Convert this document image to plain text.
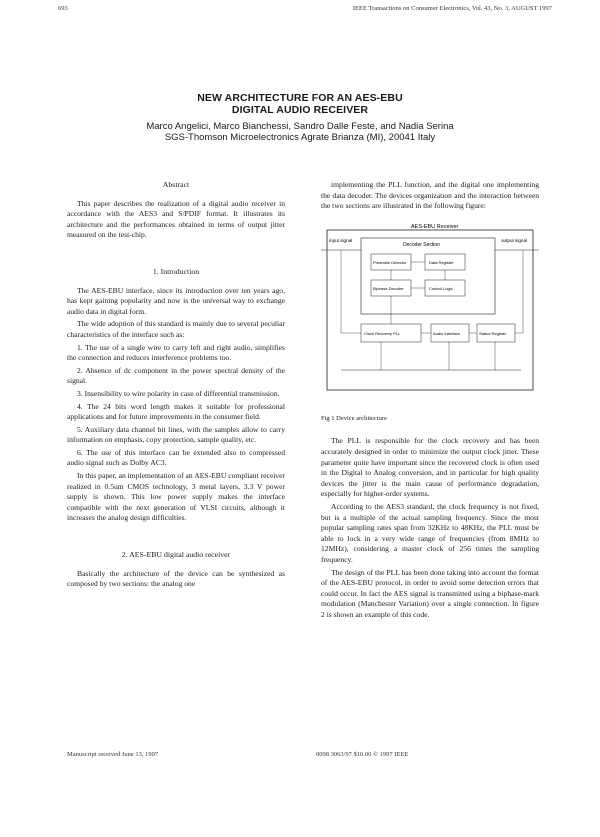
693	IEEE Transactions on Consumer Electronics, Vol. 43, No. 3, AUGUST 1997
NEW ARCHITECTURE FOR AN AES-EBU
DIGITAL AUDIO RECEIVER
Marco Angelici, Marco Bianchessi, Sandro Dalle Feste, and Nadia Serina
SGS-Thomson Microelectronics Agrate Brianza (MI), 20041 Italy
Abstract

This paper describes the realization of a digital audio receiver in accordance with the AES3 and S/PDIF format. It illustrates its architecture and the performances obtained in terms of output jitter measured on the test-chip.

1. Introduction

The AES-EBU interface, since its introduction over ten years ago, has kept gaining popularity and now is the universal way to exchange audio data in digital form.

The wide adoption of this standard is mainly due to several peculiar characteristics of the interface such as:

1. The use of a single wire to carry left and right audio, simplifies the connection and reduces interference problems too.

2. Absence of dc component in the power spectral density of the signal.

3. Insensibility to wire polarity in case of differential transmission.

4. The 24 bits word length makes it suitable for professional applications and for future improvements in the consumer field.

5. Auxiliary data channel bit lines, with the samples allow to carry information on emphasis, copy protection, sample quality, etc.

6. The use of this interface can be extended also to compressed audio signal such as Dolby AC3.

In this paper, an implementation of an AES-EBU compliant receiver realized in 0.5um CMOS technology, 3 metal layers, 3.3 V power supply is shown. This low power supply makes the interface compatible with the next generation of VLSI circuits, although it increases the analog design difficulties.

2. AES-EBU digital audio receiver

Basically the architecture of the device can be synthesized as composed by two sections: the analog one

implementing the PLL function, and the digital one implementing the data decoder. The devices organization and the interaction between the two sections are illustrated in the following figure:

AES-EBU Receiver
Decoder Section
input signal	output signal
Preamble Detector	Data Register
Biphase Decoder	Control Logic
Clock Recovery PLL	Audio Interface	Status Register
Fig 1 Device architecture

The PLL is responsible for the clock recovery and has been accurately designed in order to minimize the output clock jitter. These parameter quite have important since the recovered clock is often used in the Digital to Analog conversion, and in particular for high quality devices the jitter is the main cause of performance degradation, especially for higher-order systems.

According to the AES3 standard, the clock frequency is not fixed, but is a multiple of the actual sampling frequency. Since the most popular sampling rates span from 32KHz to 48KHz, the PLL must be able to lock in a very wide range of frequencies (from 8MHz to 12MHz), considering a master clock of 256 times the sampling frequency.

The design of the PLL has been done taking into account the format of the AES-EBU protocol, in order to avoid some detection errors that could occur. In fact the AES signal is transmitted using a biphase-mark modulation (Manchester Variation) over a single connection. In figure 2 is shown an example of this code.

Manuscript received June 13, 1997	0098 3063/97 $10.00 © 1997 IEEE
